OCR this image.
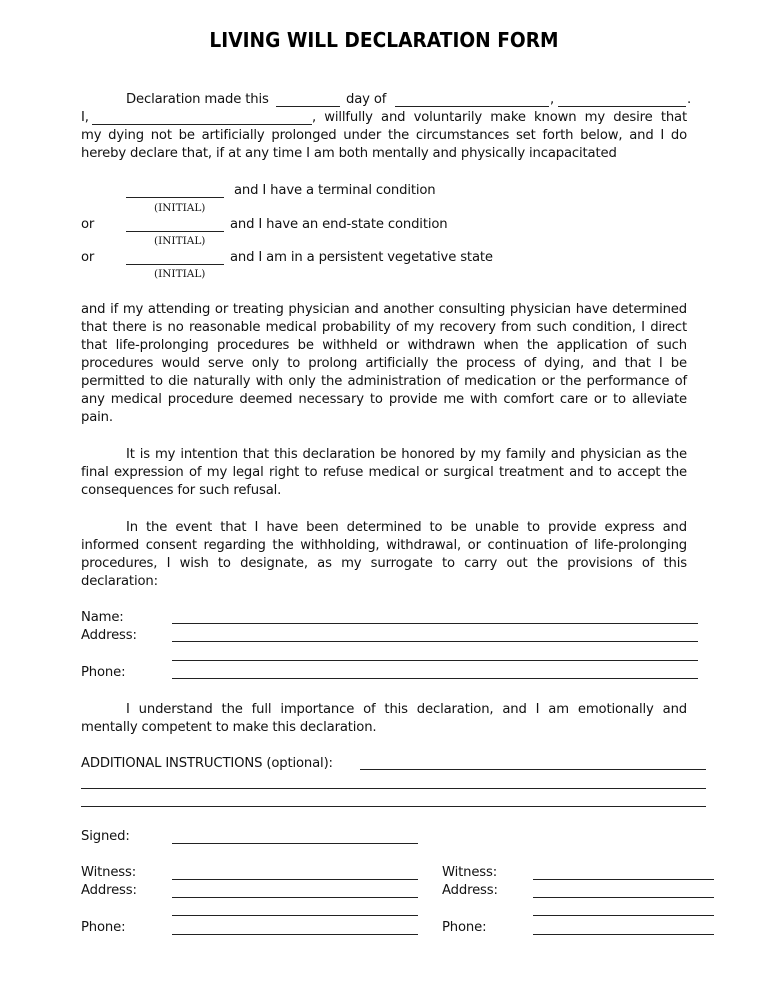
LIVING WILL DECLARATION FORM
Declaration made this	day of	,	.
I,	, willfully and voluntarily make known my desire that
my dying not be artificially prolonged under the circumstances set forth below, and I do
hereby declare that, if at any time I am both mentally and physically incapacitated
and I have a terminal condition
(INITIAL)
or	and I have an end-state condition
(INITIAL)
or	and I am in a persistent vegetative state
(INITIAL)
and if my attending or treating physician and another consulting physician have determined that there is no reasonable medical probability of my recovery from such condition, I direct that life-prolonging procedures be withheld or withdrawn when the application of such procedures would serve only to prolong artificially the process of dying, and that I be permitted to die naturally with only the administration of medication or the performance of any medical procedure deemed necessary to provide me with comfort care or to alleviate pain.
It is my intention that this declaration be honored by my family and physician as the final expression of my legal right to refuse medical or surgical treatment and to accept the consequences for such refusal.
In the event that I have been determined to be unable to provide express and informed consent regarding the withholding, withdrawal, or continuation of life-prolonging procedures, I wish to designate, as my surrogate to carry out the provisions of this declaration:
Name:
Address:
Phone:
I understand the full importance of this declaration, and I am emotionally and mentally competent to make this declaration.
ADDITIONAL INSTRUCTIONS (optional):
Signed:
Witness:
Address:
Phone:
Witness:
Address:
Phone:
